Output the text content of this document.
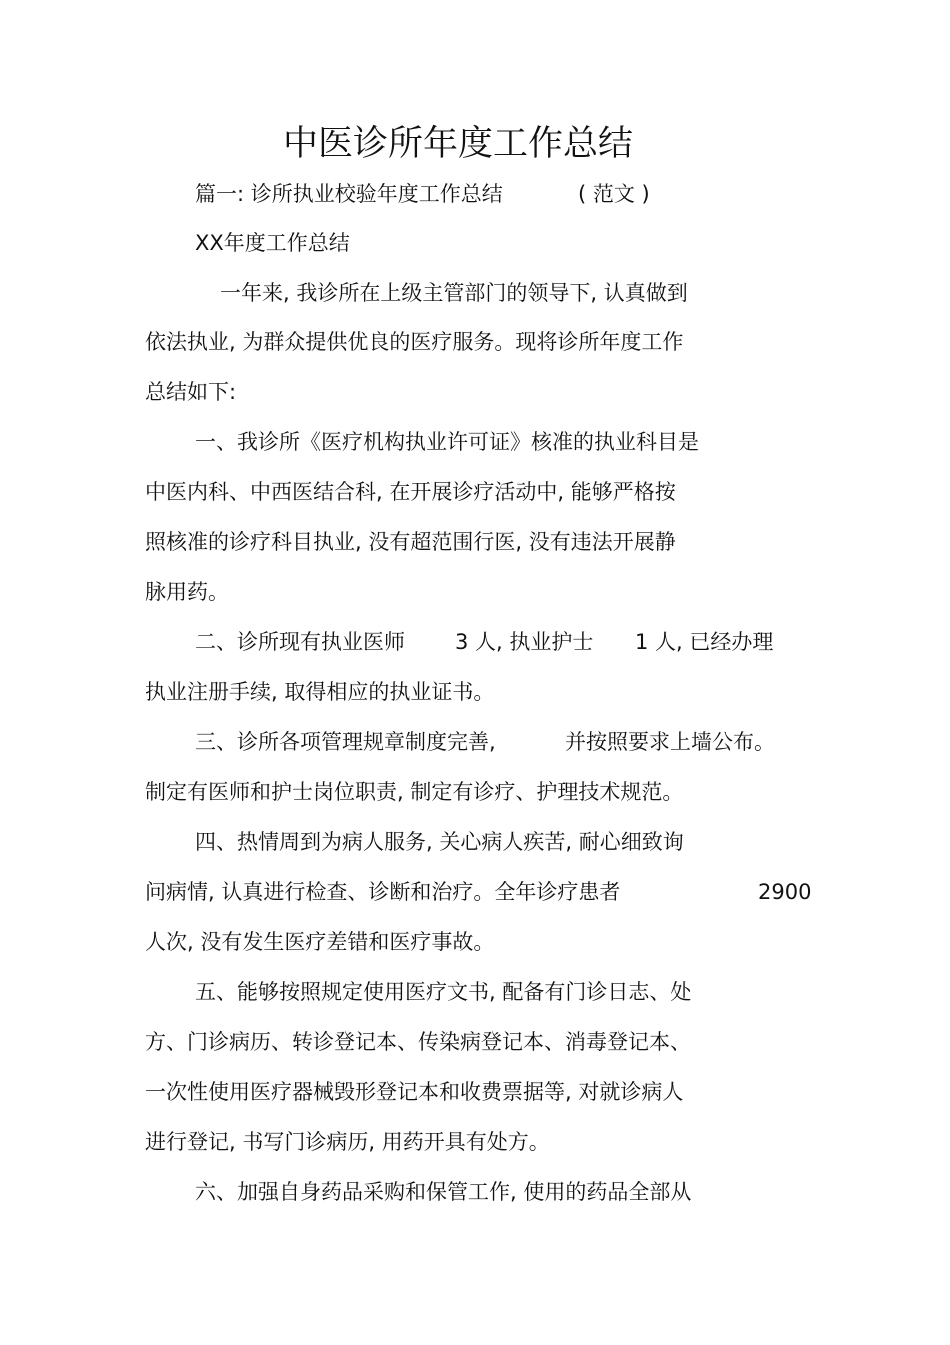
中医诊所年度工作总结
篇一: 诊所执业校验年度工作总结	( 范文 )
XX年度工作总结
一年来, 我诊所在上级主管部门的领导下, 认真做到
依法执业, 为群众提供优良的医疗服务。现将诊所年度工作
总结如下:
一、我诊所《医疗机构执业许可证》核准的执业科目是
中医内科、中西医结合科, 在开展诊疗活动中, 能够严格按
照核准的诊疗科目执业, 没有超范围行医, 没有违法开展静
脉用药。
二、诊所现有执业医师 3 人, 执业护士 1 人, 已经办理
执业注册手续, 取得相应的执业证书。
三、诊所各项管理规章制度完善,	并按照要求上墙公布。
制定有医师和护士岗位职责, 制定有诊疗、护理技术规范。
四、热情周到为病人服务, 关心病人疾苦, 耐心细致询
问病情, 认真进行检查、诊断和治疗。全年诊疗患者	2900
人次, 没有发生医疗差错和医疗事故。
五、能够按照规定使用医疗文书, 配备有门诊日志、处
方、门诊病历、转诊登记本、传染病登记本、消毒登记本、
一次性使用医疗器械毁形登记本和收费票据等, 对就诊病人
进行登记, 书写门诊病历, 用药开具有处方。
六、加强自身药品采购和保管工作, 使用的药品全部从
